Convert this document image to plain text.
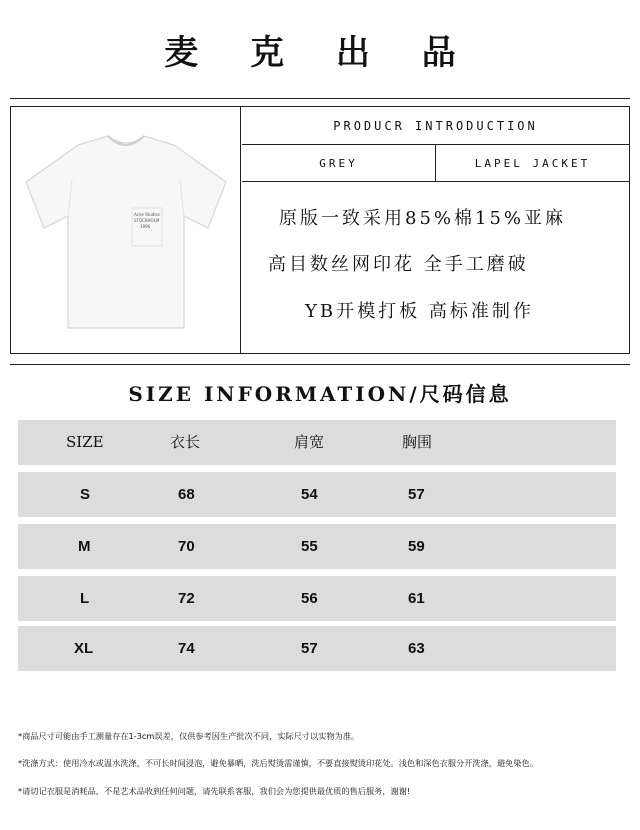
麦 克 出 品
Acne Studios
STOCKHOLM
1996
PRODUCR INTRODUCTION
GREY	LAPEL JACKET
原版一致采用85%棉15%亚麻
高目数丝网印花 全手工磨破
YB开模打板 高标准制作
SIZE INFORMATION/尺码信息
SIZE	衣长	肩宽	胸围
S	68	54	57
M	70	55	59
L	72	56	61
XL	74	57	63
*商品尺寸可能由手工测量存在1-3cm误差，仅供参考因生产批次不同，实际尺寸以实物为准。
*洗涤方式：使用冷水或温水洗涤，不可长时间浸泡，避免暴晒，洗后熨烫需谨慎，不要直接熨烫印花处。浅色和深色衣服分开洗涤，避免染色。
*请切记衣服是消耗品，不是艺术品收到任何问题，请先联系客服，我们会为您提供最优质的售后服务，谢谢!
